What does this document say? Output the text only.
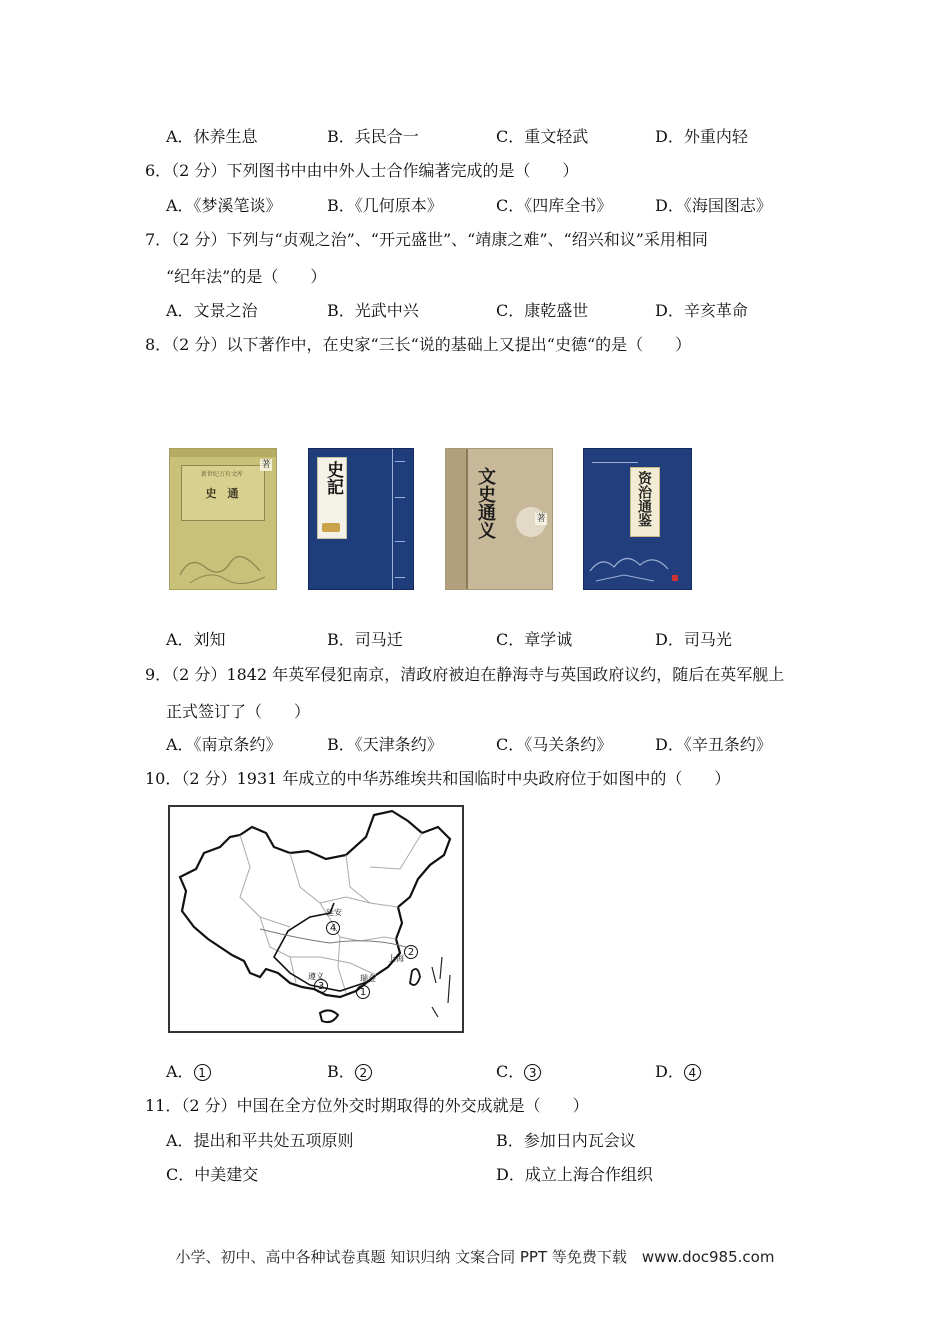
A．休养生息	B．兵民合一	C．重文轻武	D．外重内轻
6．（2 分）下列图书中由中外人士合作编著完成的是（　　）
A．《梦溪笔谈》	B．《几何原本》	C．《四库全书》	D．《海国图志》
7．（2 分）下列与“贞观之治”、“开元盛世”、“靖康之难”、“绍兴和议”采用相同
“纪年法”的是（　　）
A．文景之治	B．光武中兴	C．康乾盛世	D．辛亥革命
8．（2 分）以下著作中，在史家“三长“说的基础上又提出“史德“的是（　　）
新世纪万有文库
史　通
著	史記	文史通义	著	资治通鉴
A．刘知	B．司马迁	C．章学诚	D．司马光
9．（2 分）1842 年英军侵犯南京，清政府被迫在静海寺与英国政府议约，随后在英军舰上
正式签订了（　　）
A．《南京条约》	B．《天津条约》	C．《马关条约》	D．《辛丑条约》
10．（2 分）1931 年成立的中华苏维埃共和国临时中央政府位于如图中的（　　）
延安
上海
遵义	瑞金
1
2
3
4
A． 1	B． 2	C． 3	D． 4
11．（2 分）中国在全方位外交时期取得的外交成就是（　　）
A．提出和平共处五项原则	B．参加日内瓦会议
C．中美建交	D．成立上海合作组织
小学、初中、高中各种试卷真题 知识归纳 文案合同 PPT 等免费下载　www.doc985.com
